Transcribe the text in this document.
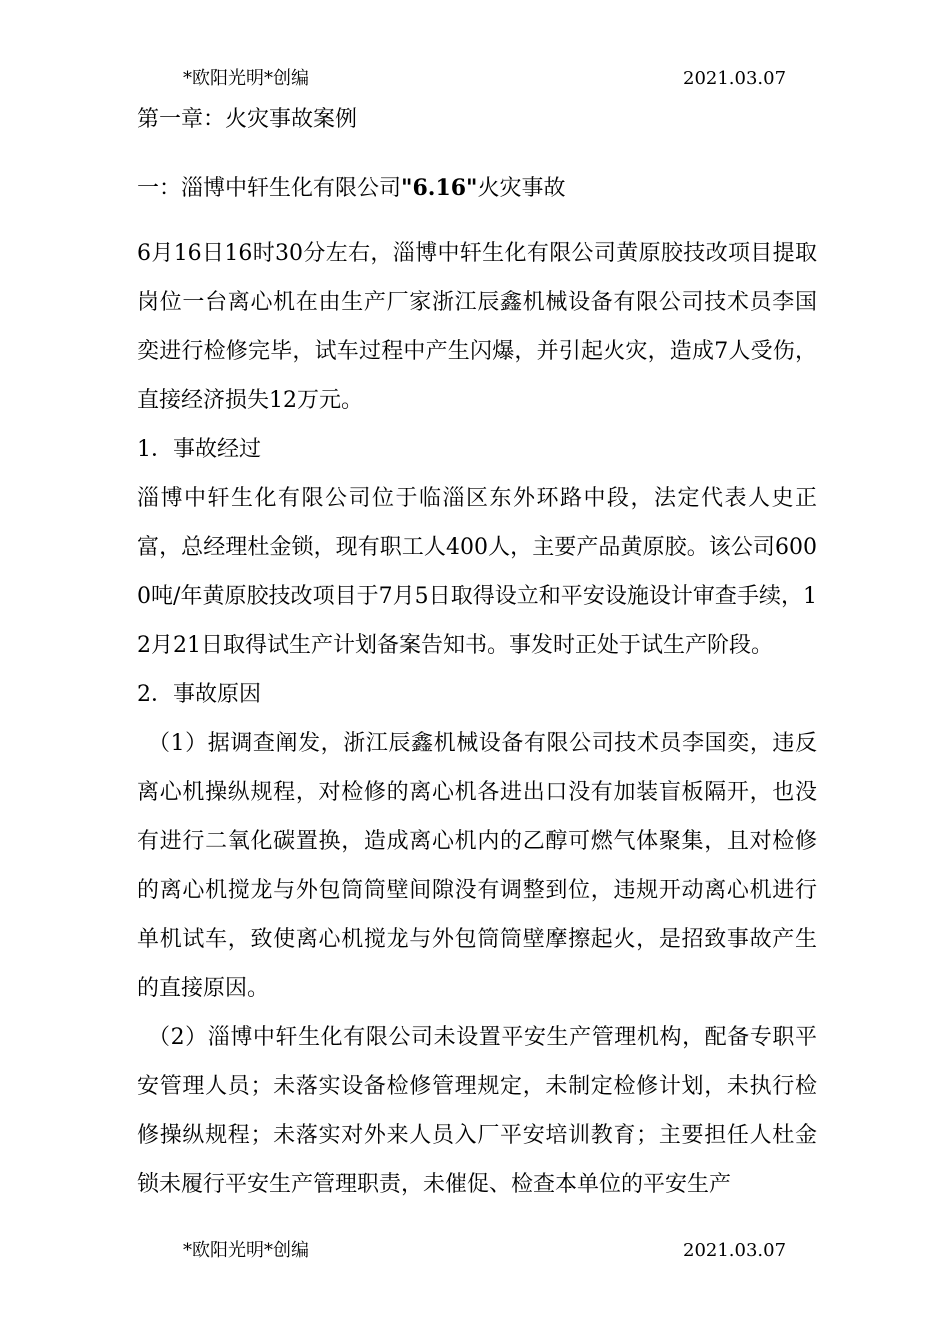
*欧阳光明*创编	2021.03.07

第一章：火灾事故案例

一：淄博中轩生化有限公司"6.16"火灾事故

6月16日16时30分左右，淄博中轩生化有限公司黄原胶技改项目提取岗位一台离心机在由生产厂家浙江辰鑫机械设备有限公司技术员李国奕进行检修完毕，试车过程中产生闪爆，并引起火灾，造成7人受伤，直接经济损失12万元。

1．事故经过

淄博中轩生化有限公司位于临淄区东外环路中段，法定代表人史正富，总经理杜金锁，现有职工人400人，主要产品黄原胶。该公司6000吨/年黄原胶技改项目于7月5日取得设立和平安设施设计审查手续，12月21日取得试生产计划备案告知书。事发时正处于试生产阶段。

2．事故原因

（1）据调查阐发，浙江辰鑫机械设备有限公司技术员李国奕，违反离心机操纵规程，对检修的离心机各进出口没有加装盲板隔开，也没有进行二氧化碳置换，造成离心机内的乙醇可燃气体聚集，且对检修的离心机搅龙与外包筒筒壁间隙没有调整到位，违规开动离心机进行单机试车，致使离心机搅龙与外包筒筒壁摩擦起火，是招致事故产生的直接原因。

（2）淄博中轩生化有限公司未设置平安生产管理机构，配备专职平安管理人员；未落实设备检修管理规定，未制定检修计划，未执行检修操纵规程；未落实对外来人员入厂平安培训教育；主要担任人杜金锁未履行平安生产管理职责，未催促、检查本单位的平安生产

*欧阳光明*创编	2021.03.07
